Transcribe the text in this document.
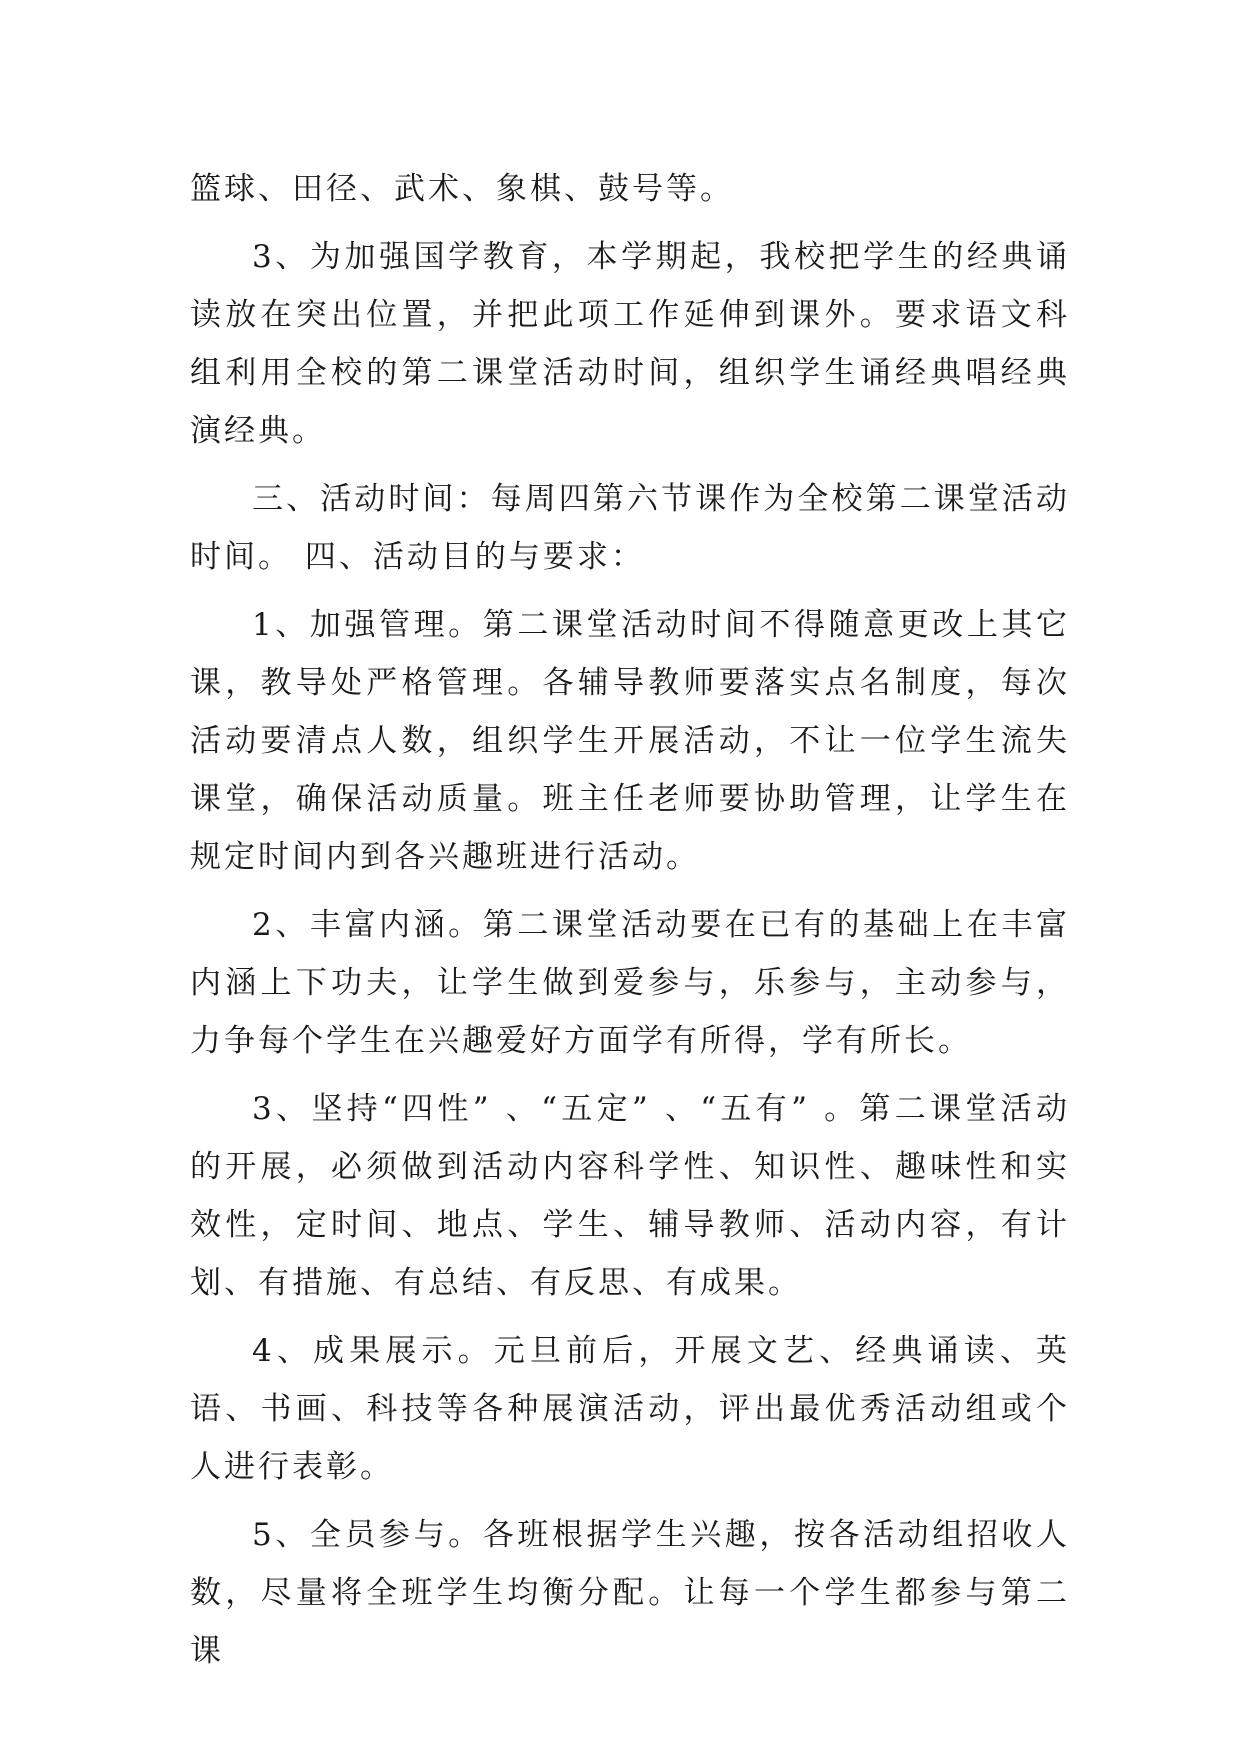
篮球、田径、武术、象棋、鼓号等。

3、为加强国学教育，本学期起，我校把学生的经典诵读放在突出位置，并把此项工作延伸到课外。要求语文科组利用全校的第二课堂活动时间，组织学生诵经典唱经典演经典。

三、活动时间：每周四第六节课作为全校第二课堂活动时间。 四、活动目的与要求：

1、加强管理。第二课堂活动时间不得随意更改上其它课，教导处严格管理。各辅导教师要落实点名制度，每次活动要清点人数，组织学生开展活动，不让一位学生流失课堂，确保活动质量。班主任老师要协助管理，让学生在规定时间内到各兴趣班进行活动。

2、丰富内涵。第二课堂活动要在已有的基础上在丰富内涵上下功夫，让学生做到爱参与，乐参与，主动参与，力争每个学生在兴趣爱好方面学有所得，学有所长。

3、坚持“四性” 、“五定” 、“五有” 。第二课堂活动的开展，必须做到活动内容科学性、知识性、趣味性和实效性，定时间、地点、学生、辅导教师、活动内容，有计划、有措施、有总结、有反思、有成果。

4、成果展示。元旦前后，开展文艺、经典诵读、英语、书画、科技等各种展演活动，评出最优秀活动组或个人进行表彰。

5、全员参与。各班根据学生兴趣，按各活动组招收人数，尽量将全班学生均衡分配。让每一个学生都参与第二课
